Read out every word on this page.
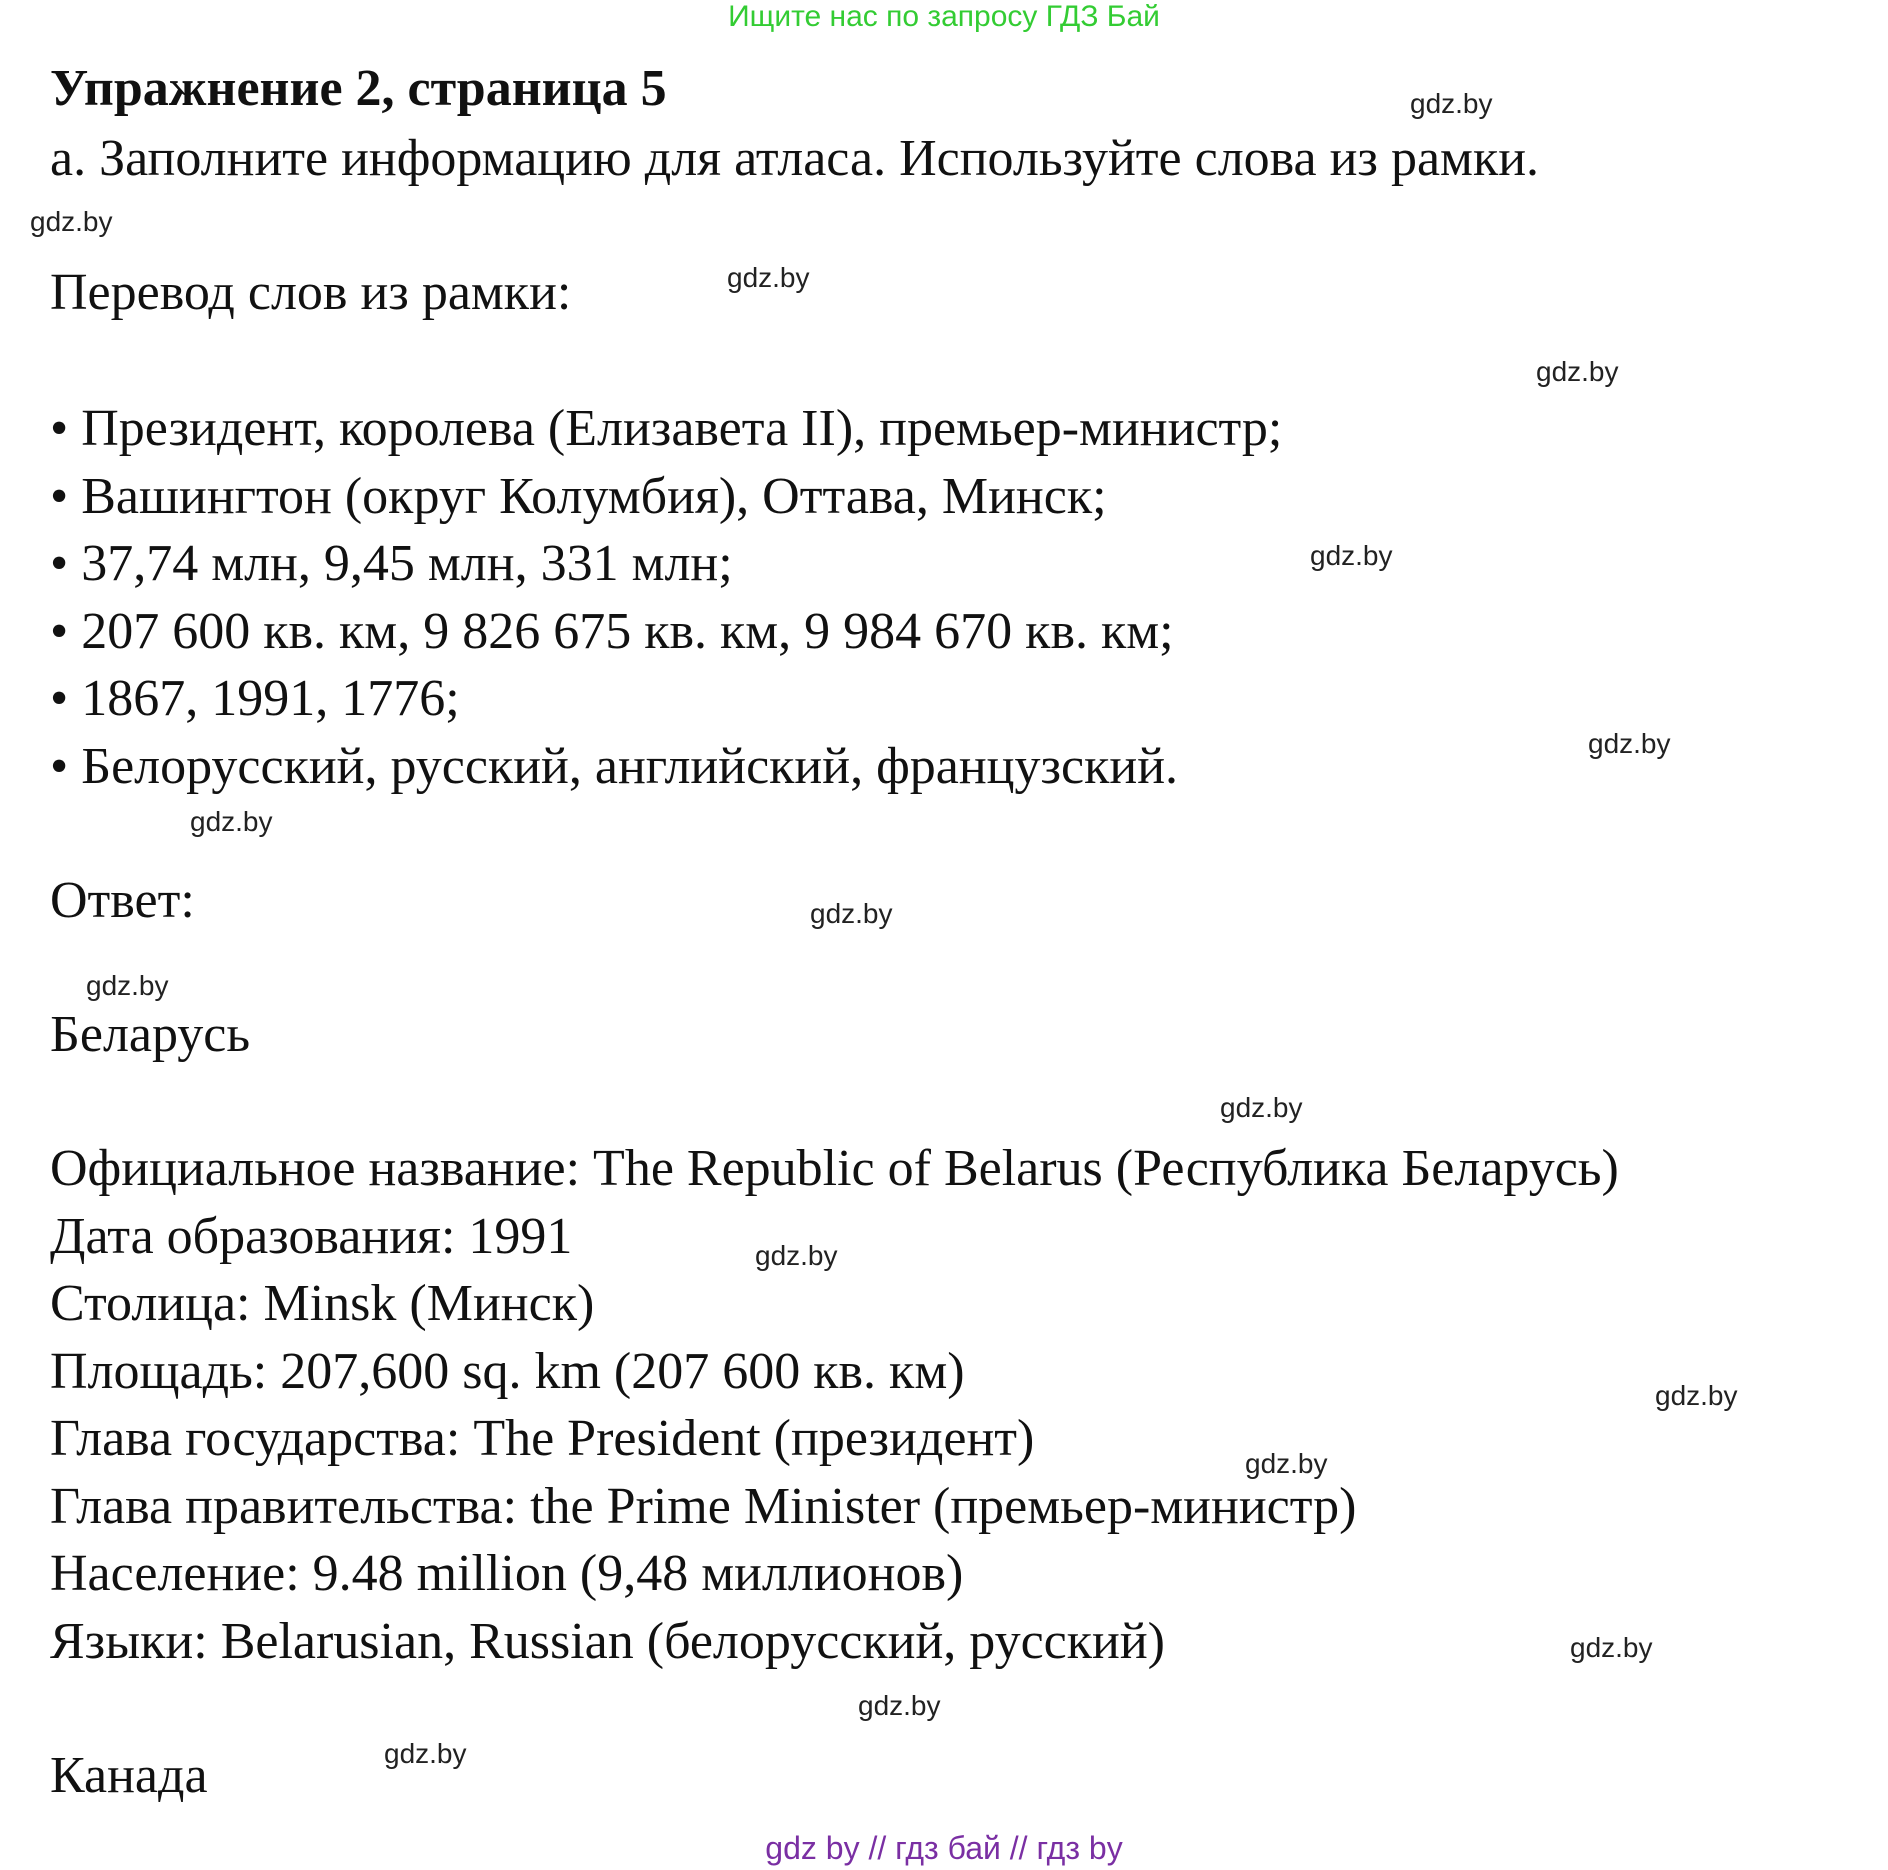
Ищите нас по запросу ГДЗ Бай
Упражнение 2, страница 5
а. Заполните информацию для атласа. Используйте слова из рамки.
Перевод слов из рамки:
• Президент, королева (Елизавета II), премьер-министр;
• Вашингтон (округ Колумбия), Оттава, Минск;
• 37,74 млн, 9,45 млн, 331 млн;
• 207 600 кв. км, 9 826 675 кв. км, 9 984 670 кв. км;
• 1867, 1991, 1776;
• Белорусский, русский, английский, французский.
Ответ:
Беларусь
Официальное название: The Republic of Belarus (Республика Беларусь)
Дата образования: 1991
Столица: Minsk (Минск)
Площадь: 207,600 sq. km (207 600 кв. км)
Глава государства: The President (президент)
Глава правительства: the Prime Minister (премьер-министр)
Население: 9.48 million (9,48 миллионов)
Языки: Belarusian, Russian (белорусский, русский)
Канада
gdz.by
gdz.by
gdz.by
gdz.by
gdz.by
gdz.by
gdz.by
gdz.by
gdz.by
gdz.by
gdz.by
gdz.by
gdz.by
gdz.by
gdz.by
gdz.by
gdz by // гдз бай // гдз by
